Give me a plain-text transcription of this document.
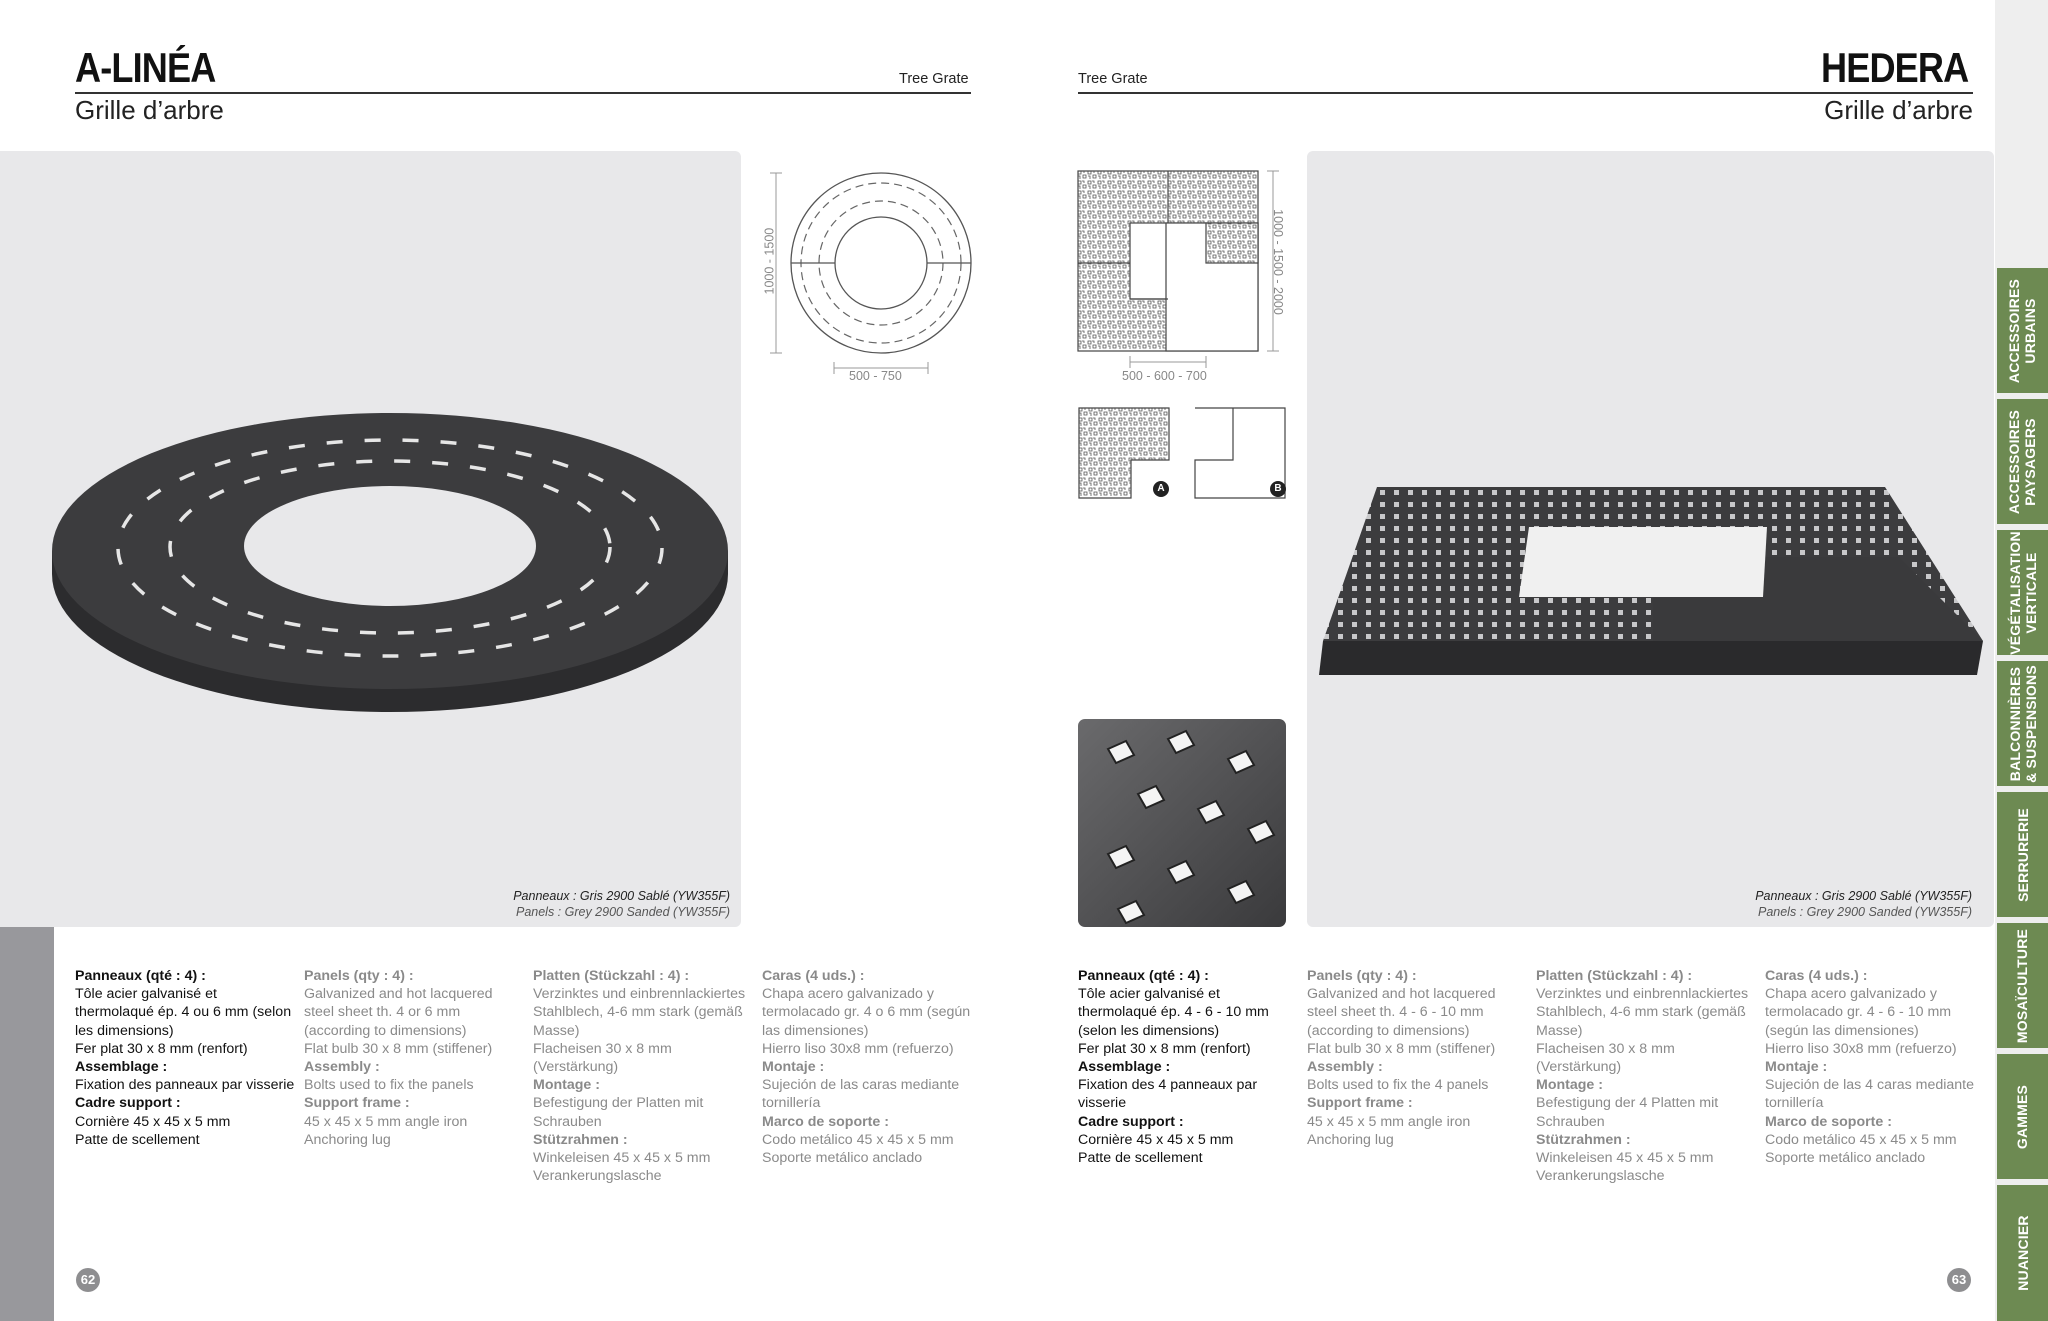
A-LINÉA
Grille d’arbre
Tree Grate
Panneaux : Gris 2900 Sablé (YW355F)
Panels : Grey 2900 Sanded (YW355F)
1000 - 1500
500 - 750
Panneaux (qté : 4) :
Tôle acier galvanisé et thermolaqué ép. 4 ou 6 mm (selon les dimensions)
Fer plat 30 x 8 mm (renfort)
Assemblage :
Fixation des panneaux par visserie
Cadre support :
Cornière 45 x 45 x 5 mm
Patte de scellement
Panels (qty : 4) :
Galvanized and hot lacquered steel sheet th. 4 or 6 mm (according to dimensions)
Flat bulb 30 x 8 mm (stiffener)
Assembly :
Bolts used to fix the panels
Support frame :
45 x 45 x 5 mm angle iron
Anchoring lug
Platten (Stückzahl : 4) :
Verzinktes und einbrennlackiertes Stahlblech, 4-6 mm stark (gemäß Masse)
Flacheisen 30 x 8 mm (Verstärkung)
Montage :
Befestigung der Platten mit Schrauben
Stützrahmen :
Winkeleisen 45 x 45 x 5 mm
Verankerungslasche
Caras (4 uds.) :
Chapa acero galvanizado y termolacado gr. 4 o 6 mm (según las dimensiones)
Hierro liso 30x8 mm (refuerzo)
Montaje :
Sujeción de las caras mediante tornillería
Marco de soporte :
Codo metálico 45 x 45 x 5 mm
Soporte metálico anclado
62
Tree Grate	HEDERA
Grille d’arbre
1000 - 1500 - 2000
500 - 600 - 700
A	B
Panneaux : Gris 2900 Sablé (YW355F)
Panels : Grey 2900 Sanded (YW355F)
Panneaux (qté : 4) :
Tôle acier galvanisé et thermolaqué ép. 4 - 6 - 10 mm (selon les dimensions)
Fer plat 30 x 8 mm (renfort)
Assemblage :
Fixation des 4 panneaux par visserie
Cadre support :
Cornière 45 x 45 x 5 mm
Patte de scellement
Panels (qty : 4) :
Galvanized and hot lacquered steel sheet th. 4 - 6 - 10 mm (according to dimensions)
Flat bulb 30 x 8 mm (stiffener)
Assembly :
Bolts used to fix the 4 panels
Support frame :
45 x 45 x 5 mm angle iron
Anchoring lug
Platten (Stückzahl : 4) :
Verzinktes und einbrennlackiertes Stahlblech, 4-6 mm stark (gemäß Masse)
Flacheisen 30 x 8 mm (Verstärkung)
Montage :
Befestigung der 4 Platten mit Schrauben
Stützrahmen :
Winkeleisen 45 x 45 x 5 mm
Verankerungslasche
Caras (4 uds.) :
Chapa acero galvanizado y termolacado gr. 4 - 6 - 10 mm (según las dimensiones)
Hierro liso 30x8 mm (refuerzo)
Montaje :
Sujeción de las 4 caras mediante tornillería
Marco de soporte :
Codo metálico 45 x 45 x 5 mm
Soporte metálico anclado
63
ACCESSOIRES URBAINS
ACCESSOIRES PAYSAGERS
VÉGÉTALISATION VERTICALE
BALCONNIÈRES & SUSPENSIONS
SERRURERIE
MOSAÏCULTURE
GAMMES
NUANCIER
